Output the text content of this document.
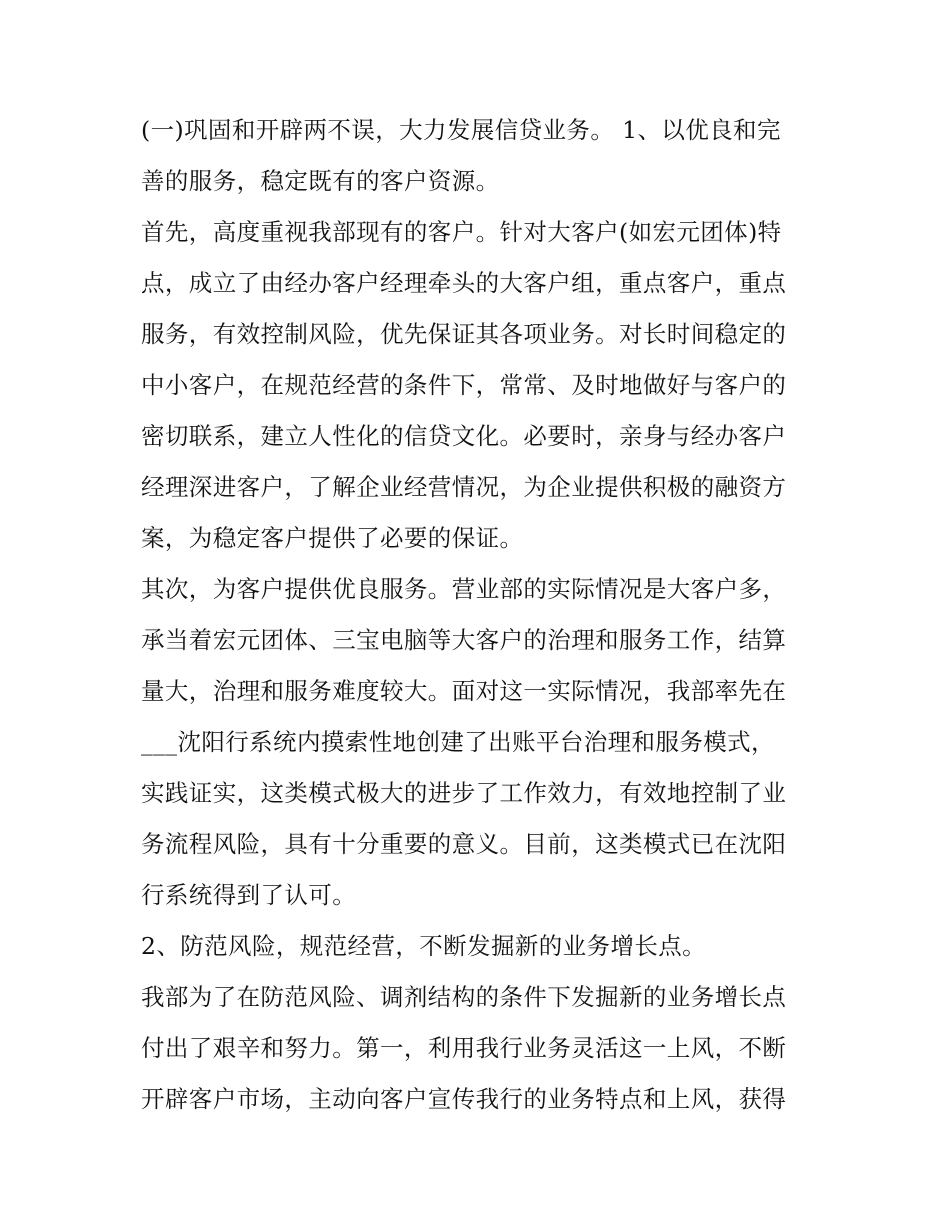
(一)巩固和开辟两不误，大力发展信贷业务。 1、以优良和完
善的服务，稳定既有的客户资源。
首先，高度重视我部现有的客户。针对大客户(如宏元团体)特
点，成立了由经办客户经理牵头的大客户组，重点客户，重点
服务，有效控制风险，优先保证其各项业务。对长时间稳定的
中小客户，在规范经营的条件下，常常、及时地做好与客户的
密切联系，建立人性化的信贷文化。必要时，亲身与经办客户
经理深进客户，了解企业经营情况，为企业提供积极的融资方
案，为稳定客户提供了必要的保证。
其次，为客户提供优良服务。营业部的实际情况是大客户多，
承当着宏元团体、三宝电脑等大客户的治理和服务工作，结算
量大，治理和服务难度较大。面对这一实际情况，我部率先在
___沈阳行系统内摸索性地创建了出账平台治理和服务模式，
实践证实，这类模式极大的进步了工作效力，有效地控制了业
务流程风险，具有十分重要的意义。目前，这类模式已在沈阳
行系统得到了认可。
2、防范风险，规范经营，不断发掘新的业务增长点。
我部为了在防范风险、调剂结构的条件下发掘新的业务增长点
付出了艰辛和努力。第一，利用我行业务灵活这一上风，不断
开辟客户市场，主动向客户宣传我行的业务特点和上风，获得
